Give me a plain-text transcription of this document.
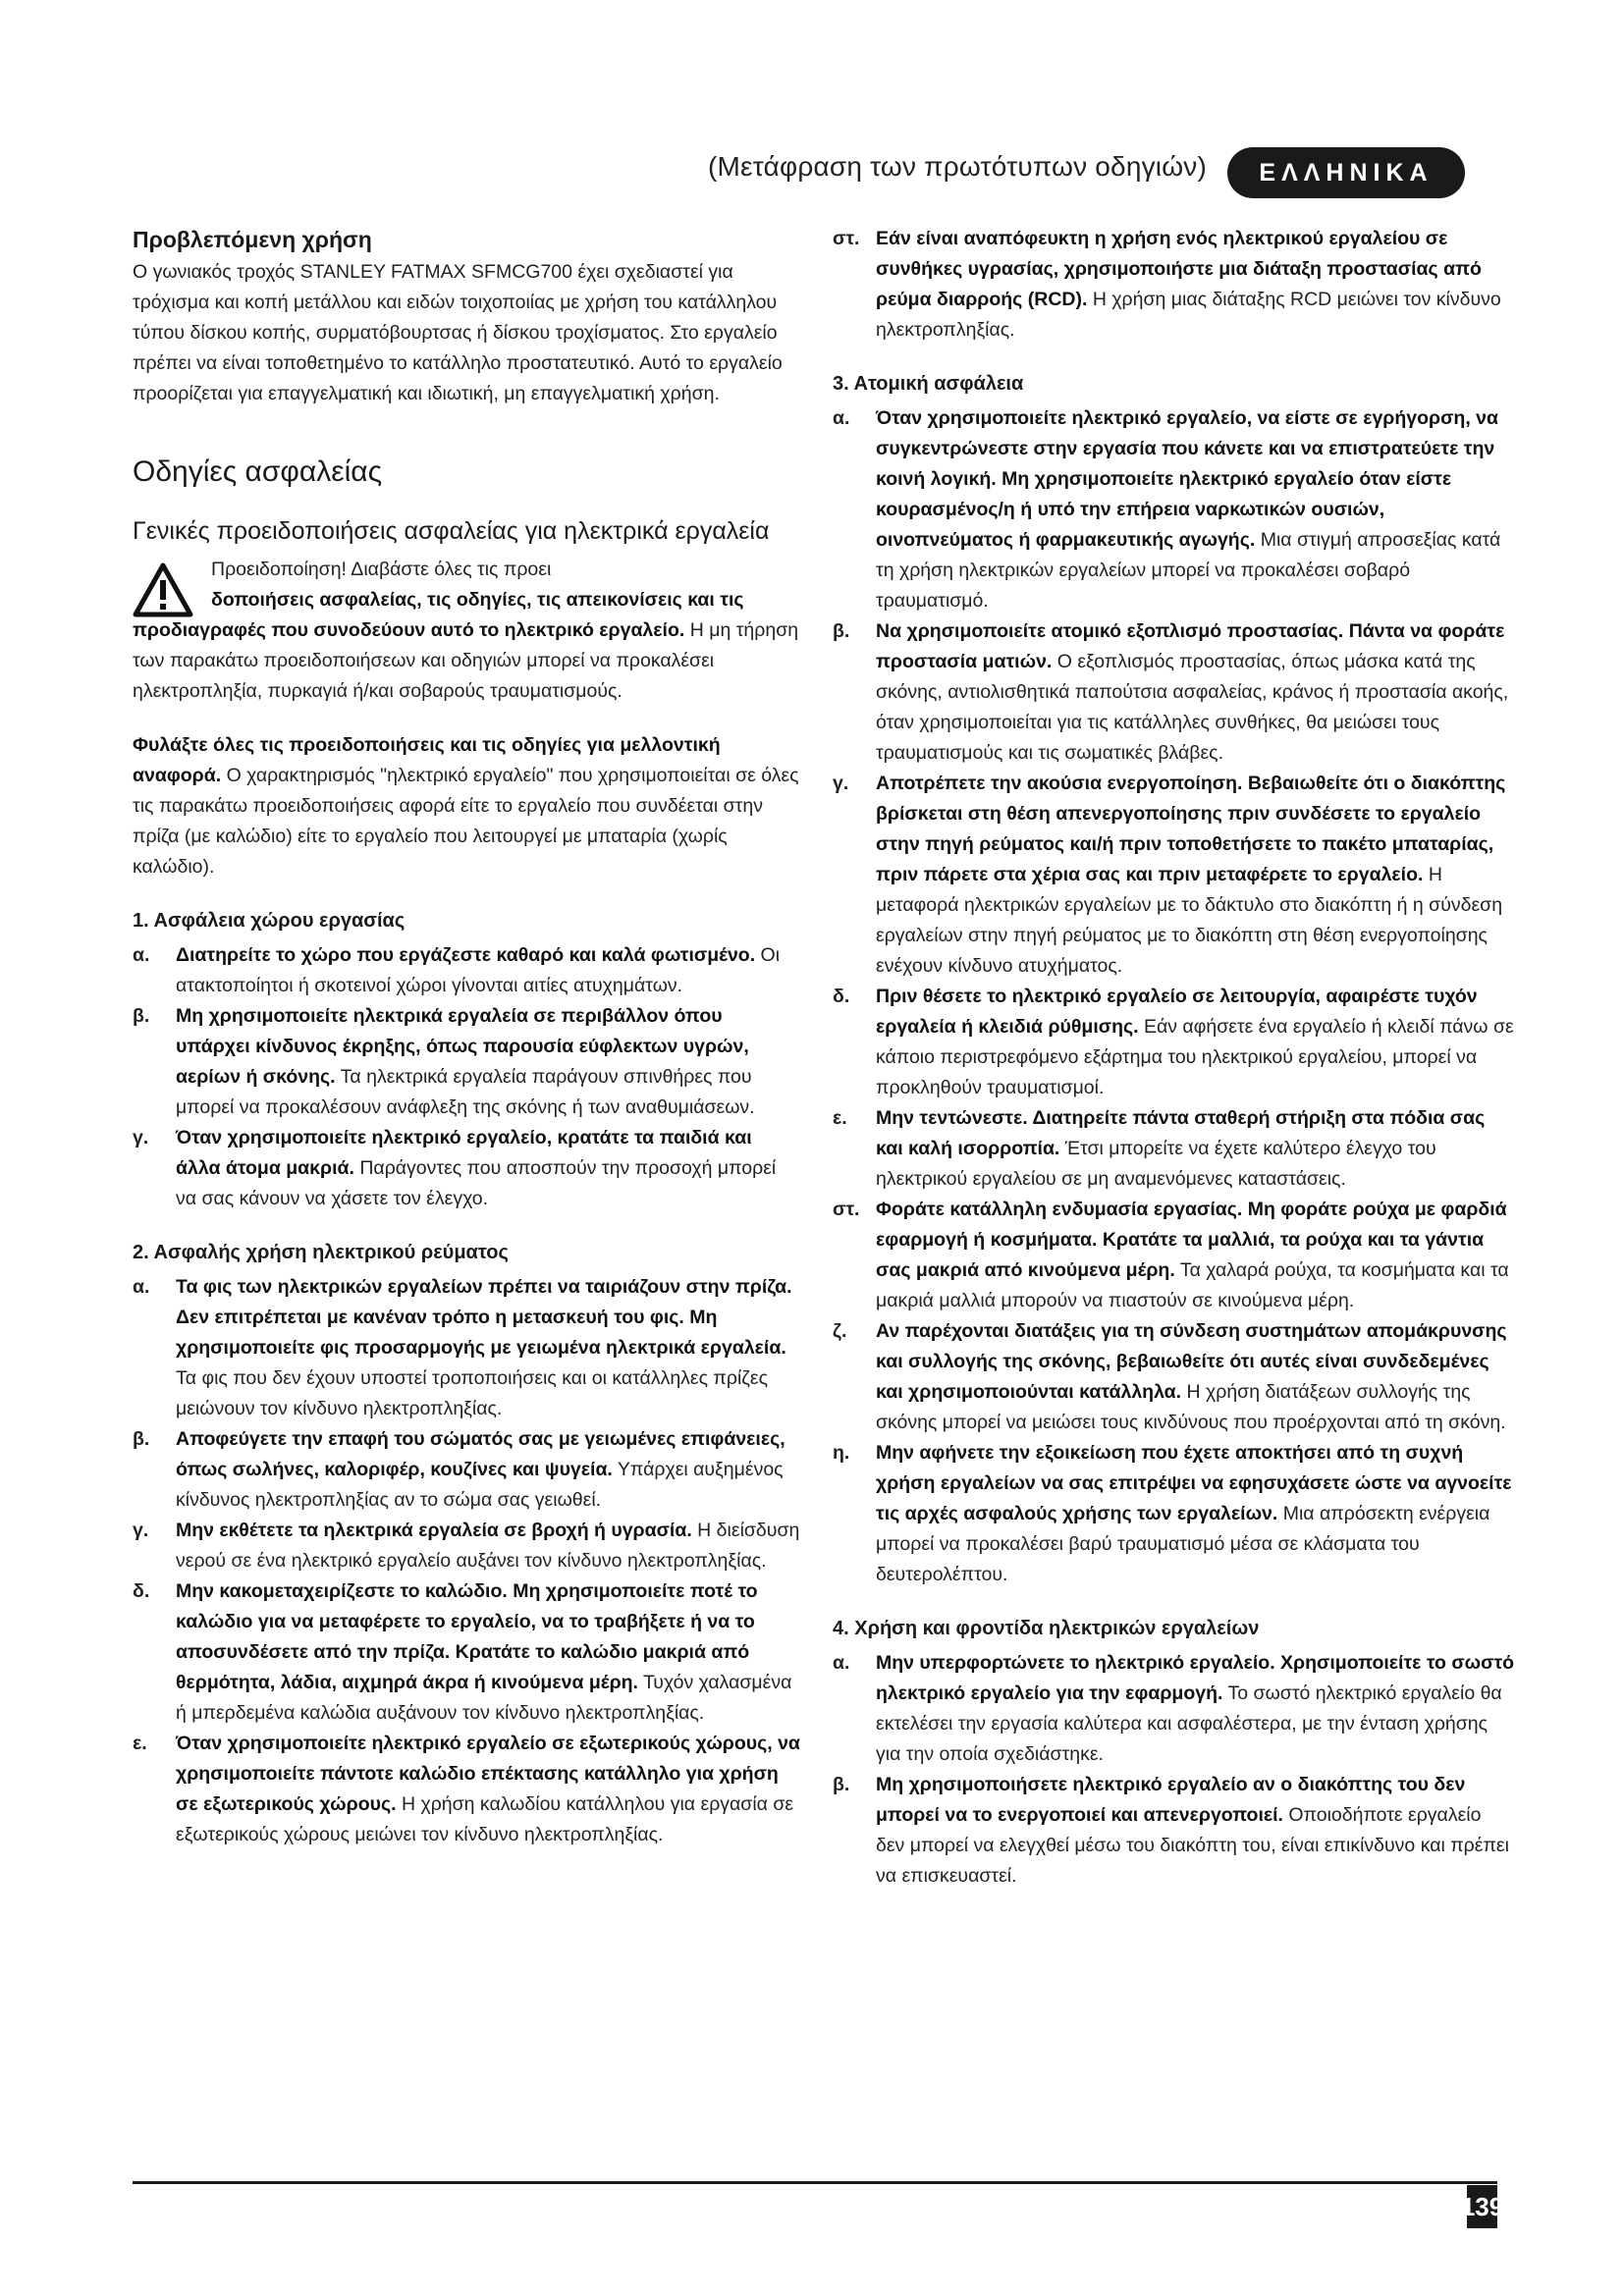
(Μετάφραση των πρωτότυπων οδηγιών)	ΕΛΛΗΝΙΚΑ
Προβλεπόμενη χρήση

Ο γωνιακός τροχός STANLEY FATMAX SFMCG700 έχει σχεδιαστεί για τρόχισμα και κοπή μετάλλου και ειδών τοιχοποιίας με χρήση του κατάλληλου τύπου δίσκου κοπής, συρματόβουρτσας ή δίσκου τροχίσματος. Στο εργαλείο πρέπει να είναι τοποθετημένο το κατάλληλο προστατευτικό. Αυτό το εργαλείο προορίζεται για επαγγελματική και ιδιωτική, μη επαγγελματική χρήση.

Οδηγίες ασφαλείας
Γενικές προειδοποιήσεις ασφαλείας για ηλεκτρικά εργαλεία

Προειδοποίηση! Διαβάστε όλες τις προει

δοποιήσεις ασφαλείας, τις οδηγίες, τις απεικονίσεις και τις

προδιαγραφές που συνοδεύουν αυτό το ηλεκτρικό εργαλείο. Η μη τήρηση των παρακάτω προειδοποιήσεων και οδηγιών μπορεί να προκαλέσει ηλεκτροπληξία, πυρκαγιά ή/και σοβαρούς τραυματισμούς.

Φυλάξτε όλες τις προειδοποιήσεις και τις οδηγίες για μελλοντική αναφορά. Ο χαρακτηρισμός "ηλεκτρικό εργαλείο" που χρησιμοποιείται σε όλες τις παρακάτω προειδοποιήσεις αφορά είτε το εργαλείο που συνδέεται στην πρίζα (με καλώδιο) είτε το εργαλείο που λειτουργεί με μπαταρία (χωρίς καλώδιο).

1. Ασφάλεια χώρου εργασίας
α.	Διατηρείτε το χώρο που εργάζεστε καθαρό και καλά φωτισμένο. Οι ατακτοποίητοι ή σκοτεινοί χώροι γίνονται αιτίες ατυχημάτων.

β.	Μη χρησιμοποιείτε ηλεκτρικά εργαλεία σε περιβάλλον όπου υπάρχει κίνδυνος έκρηξης, όπως παρουσία εύφλεκτων υγρών, αερίων ή σκόνης. Τα ηλεκτρικά εργαλεία παράγουν σπινθήρες που μπορεί να προκαλέσουν ανάφλεξη της σκόνης ή των αναθυμιάσεων.

γ.	Όταν χρησιμοποιείτε ηλεκτρικό εργαλείο, κρατάτε τα παιδιά και άλλα άτομα μακριά. Παράγοντες που αποσπούν την προσοχή μπορεί να σας κάνουν να χάσετε τον έλεγχο.

2. Ασφαλής χρήση ηλεκτρικού ρεύματος
α.	Τα φις των ηλεκτρικών εργαλείων πρέπει να ταιριάζουν στην πρίζα. Δεν επιτρέπεται με κανέναν τρόπο η μετασκευή του φις. Μη χρησιμοποιείτε φις προσαρμογής με γειωμένα ηλεκτρικά εργαλεία. Τα φις που δεν έχουν υποστεί τροποποιήσεις και οι κατάλληλες πρίζες μειώνουν τον κίνδυνο ηλεκτροπληξίας.

β.	Αποφεύγετε την επαφή του σώματός σας με γειωμένες επιφάνειες, όπως σωλήνες, καλοριφέρ, κουζίνες και ψυγεία. Υπάρχει αυξημένος κίνδυνος ηλεκτροπληξίας αν το σώμα σας γειωθεί.

γ.	Μην εκθέτετε τα ηλεκτρικά εργαλεία σε βροχή ή υγρασία. Η διείσδυση νερού σε ένα ηλεκτρικό εργαλείο αυξάνει τον κίνδυνο ηλεκτροπληξίας.

δ.	Μην κακομεταχειρίζεστε το καλώδιο. Μη χρησιμοποιείτε ποτέ το καλώδιο για να μεταφέρετε το εργαλείο, να το τραβήξετε ή να το αποσυνδέσετε από την πρίζα. Κρατάτε το καλώδιο μακριά από θερμότητα, λάδια, αιχμηρά άκρα ή κινούμενα μέρη. Τυχόν χαλασμένα ή μπερδεμένα καλώδια αυξάνουν τον κίνδυνο ηλεκτροπληξίας.

ε.	Όταν χρησιμοποιείτε ηλεκτρικό εργαλείο σε εξωτερικούς χώρους, να χρησιμοποιείτε πάντοτε καλώδιο επέκτασης κατάλληλο για χρήση σε εξωτερικούς χώρους. Η χρήση καλωδίου κατάλληλου για εργασία σε εξωτερικούς χώρους μειώνει τον κίνδυνο ηλεκτροπληξίας.

στ. Εάν είναι αναπόφευκτη η χρήση ενός ηλεκτρικού εργαλείου σε συνθήκες υγρασίας, χρησιμοποιήστε μια διάταξη προστασίας από ρεύμα διαρροής (RCD). Η χρήση μιας διάταξης RCD μειώνει τον κίνδυνο ηλεκτροπληξίας.

3. Ατομική ασφάλεια
α.	Όταν χρησιμοποιείτε ηλεκτρικό εργαλείο, να είστε σε εγρήγορση, να συγκεντρώνεστε στην εργασία που κάνετε και να επιστρατεύετε την κοινή λογική. Μη χρησιμοποιείτε ηλεκτρικό εργαλείο όταν είστε κουρασμένος/η ή υπό την επήρεια ναρκωτικών ουσιών, οινοπνεύματος ή φαρμακευτικής αγωγής. Μια στιγμή απροσεξίας κατά τη χρήση ηλεκτρικών εργαλείων μπορεί να προκαλέσει σοβαρό τραυματισμό.

β.	Να χρησιμοποιείτε ατομικό εξοπλισμό προστασίας. Πάντα να φοράτε προστασία ματιών. Ο εξοπλισμός προστασίας, όπως μάσκα κατά της σκόνης, αντιολισθητικά παπούτσια ασφαλείας, κράνος ή προστασία ακοής, όταν χρησιμοποιείται για τις κατάλληλες συνθήκες, θα μειώσει τους τραυματισμούς και τις σωματικές βλάβες.

γ.	Αποτρέπετε την ακούσια ενεργοποίηση. Βεβαιωθείτε ότι ο διακόπτης βρίσκεται στη θέση απενεργοποίησης πριν συνδέσετε το εργαλείο στην πηγή ρεύματος και/ή πριν τοποθετήσετε το πακέτο μπαταρίας, πριν πάρετε στα χέρια σας και πριν μεταφέρετε το εργαλείο. Η μεταφορά ηλεκτρικών εργαλείων με το δάκτυλο στο διακόπτη ή η σύνδεση εργαλείων στην πηγή ρεύματος με το διακόπτη στη θέση ενεργοποίησης ενέχουν κίνδυνο ατυχήματος.

δ.	Πριν θέσετε το ηλεκτρικό εργαλείο σε λειτουργία, αφαιρέστε τυχόν εργαλεία ή κλειδιά ρύθμισης. Εάν αφήσετε ένα εργαλείο ή κλειδί πάνω σε κάποιο περιστρεφόμενο εξάρτημα του ηλεκτρικού εργαλείου, μπορεί να προκληθούν τραυματισμοί.

ε.	Μην τεντώνεστε. Διατηρείτε πάντα σταθερή στήριξη στα πόδια σας και καλή ισορροπία. Έτσι μπορείτε να έχετε καλύτερο έλεγχο του ηλεκτρικού εργαλείου σε μη αναμενόμενες καταστάσεις.

στ. Φοράτε κατάλληλη ενδυμασία εργασίας. Μη φοράτε ρούχα με φαρδιά εφαρμογή ή κοσμήματα. Κρατάτε τα μαλλιά, τα ρούχα και τα γάντια σας μακριά από κινούμενα μέρη. Τα χαλαρά ρούχα, τα κοσμήματα και τα μακριά μαλλιά μπορούν να πιαστούν σε κινούμενα μέρη.

ζ.	Αν παρέχονται διατάξεις για τη σύνδεση συστημάτων απομάκρυνσης και συλλογής της σκόνης, βεβαιωθείτε ότι αυτές είναι συνδεδεμένες και χρησιμοποιούνται κατάλληλα. Η χρήση διατάξεων συλλογής της σκόνης μπορεί να μειώσει τους κινδύνους που προέρχονται από τη σκόνη.

η.	Μην αφήνετε την εξοικείωση που έχετε αποκτήσει από τη συχνή χρήση εργαλείων να σας επιτρέψει να εφησυχάσετε ώστε να αγνοείτε τις αρχές ασφαλούς χρήσης των εργαλείων. Μια απρόσεκτη ενέργεια μπορεί να προκαλέσει βαρύ τραυματισμό μέσα σε κλάσματα του δευτερολέπτου.

4. Χρήση και φροντίδα ηλεκτρικών εργαλείων
α.	Μην υπερφορτώνετε το ηλεκτρικό εργαλείο. Χρησιμοποιείτε το σωστό ηλεκτρικό εργαλείο για την εφαρμογή. Το σωστό ηλεκτρικό εργαλείο θα εκτελέσει την εργασία καλύτερα και ασφαλέστερα, με την ένταση χρήσης για την οποία σχεδιάστηκε.

β.	Μη χρησιμοποιήσετε ηλεκτρικό εργαλείο αν ο διακόπτης του δεν μπορεί να το ενεργοποιεί και απενεργοποιεί. Οποιοδήποτε εργαλείο δεν μπορεί να ελεγχθεί μέσω του διακόπτη του, είναι επικίνδυνο και πρέπει να επισκευαστεί.

139
